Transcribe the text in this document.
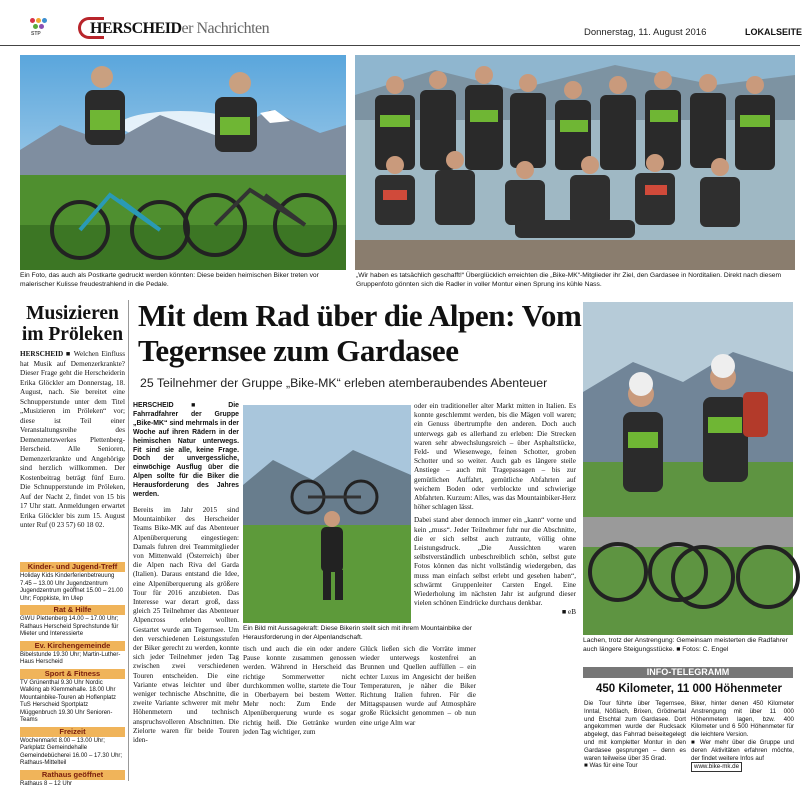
STP	HERSCHEIDer Nachrichten	Donnerstag, 11. August 2016	LOKALSEITE
Ein Foto, das auch als Postkarte gedruckt werden könnten: Diese beiden heimischen Biker treten vor malerischer Kulisse freudestrahlend in die Pedale.
„Wir haben es tatsächlich geschafft!“ Überglücklich erreichten die „Bike-MK“-Mitglieder ihr Ziel, den Gardasee in Norditalien. Direkt nach diesem Gruppenfoto gönnten sich die Radler in voller Montur einen Sprung ins kühle Nass.
Musizieren im Pröleken
HERSCHEID ■ Welchen Einfluss hat Musik auf Demenzerkrankte? Dieser Frage geht die Herscheiderin Erika Glöckler am Donnerstag, 18. August, nach. Sie bereitet eine Schnupperstunde unter dem Titel „Musizieren im Pröleken“ vor; diese ist Teil einer Veranstaltungsreihe des Demenznetzwerkes Plettenberg-Herscheid. Alle Senioren, Demenzerkrankte und Angehörige sind herzlich willkommen. Der Kostenbeitrag beträgt fünf Euro. Die Schnupperstunde im Pröleken, Auf der Nacht 2, findet von 15 bis 17 Uhr statt. Anmeldungen erwartet Erika Glöckler bis zum 15. August unter Ruf (0 23 57) 60 18 02.
Kinder- und Jugend-Treff
Holiday Kids Kinderferienbetreuung 7.45 – 13.00 Uhr Jugendzentrum
Jugendzentrum geöffnet 15.00 – 21.00 Uhr; Foppkiste, Im Ulep
Rat & Hilfe
GWU Plettenberg 14.00 – 17.00 Uhr; Rathaus Herscheid Sprechstunde für Mieter und Interessierte
Ev. Kirchengemeinde
Bibelstunde 19.30 Uhr; Martin-Luther-Haus Herscheid
Sport & Fitness
TV Grünenthal 9.30 Uhr Nordic Walking ab Klemmehalle. 18.00 Uhr Mountainbike-Touren ab Hoflenplatz
TuS Herscheid Sportplatz Müggenbruch 19.30 Uhr Senioren-Teams
Freizeit
Wochenmarkt 8.00 – 13.00 Uhr; Parkplatz Gemeindehalle
Gemeindebücherei 16.00 – 17.30 Uhr; Rathaus-Mittelteil
Rathaus geöffnet
Rathaus 8 – 12 Uhr
Mit dem Rad über die Alpen: Vom Tegernsee zum Gardasee
25 Teilnehmer der Gruppe „Bike-MK“ erleben atemberaubendes Abenteuer
HERSCHEID	■ Die Fahrradfahrer der Gruppe „Bike-MK“ sind mehrmals in der Woche auf ihren Rädern in der heimischen Natur unterwegs. Fit sind sie alle, keine Frage. Doch der unvergessliche, einwöchige Ausflug über die Alpen sollte für die Biker die Herausforderung des Jahres werden.
Bereits im Jahr 2015 sind Mountainbiker des Herscheider Teams Bike-MK auf das Abenteuer Alpenüberquerung eingestiegen: Damals fuhren drei Teammitglieder von Mittenwald (Österreich) über die Alpen nach Riva del Garda (Italien). Daraus entstand die Idee, eine Alpenüberquerung als größere Tour für 2016 anzubieten. Das Interesse war derart groß, dass gleich 25 Teilnehmer das Abenteuer Alpencross erleben wollten. Gestartet wurde am Tegernsee. Um den verschiedenen Leistungsstufen der Biker gerecht zu werden, konnte sich jeder Teilnehmer jeden Tag zwischen zwei verschiedenen Touren entscheiden. Die eine Variante etwas leichter und über weniger technische Abschnitte, die zweite Variante schwerer mit mehr Höhenmetern und technisch anspruchsvolleren Abschnitten. Die Zielorte waren für beide Touren iden-
Ein Bild mit Aussagekraft: Diese Bikerin stellt sich mit ihrem Mountainbike der Herausforderung in der Alpenlandschaft.
tisch und auch die ein oder andere Pause konnte zusammen genossen werden. Während in Herscheid das richtige Sommerwetter nicht durchkommen wollte, startete die Tour in Oberbayern bei bestem Wetter. Mehr noch: Zum Ende der Alpenüberquerung wurde es sogar richtig heiß. Die Getränke wurden jeden Tag wichtiger, zum
Glück ließen sich die Vorräte immer wieder unterwegs kostenfrei an Brunnen und Quellen auffüllen – ein echter Luxus im Angesicht der heißen Temperaturen, je näher die Biker Richtung Italien fuhren. Für die Mittagspausen wurde auf Atmosphäre große Rücksicht genommen – ob nun eine urige Alm war
oder ein traditioneller alter Markt mitten in Italien. Es konnte geschlemmt werden, bis die Mägen voll waren; ein Genuss übertrumpfte den anderen. Doch auch unterwegs gab es allerhand zu erleben: Die Strecken waren sehr abwechslungsreich – über Asphaltstücke, Feld- und Wiesenwege, feinen Schotter, groben Schotter und so weiter. Auch gab es längere steile Anstiege – auch mit Tragepassagen – bis zur gemütlichen Auffahrt, gemütliche Abfahrten auf weichem Boden oder verblockte und schwierige Abfahrten. Kurzum: Alles, was das Mountainbiker-Herz höher schlagen lässt.
Dabei stand aber dennoch immer ein „kann“ vorne und kein „muss“. Jeder Teilnehmer fuhr nur die Abschnitte, die er sich selbst auch zutraute, völlig ohne Leistungsdruck. „Die Aussichten waren selbstverständlich unbeschreiblich schön, selbst gute Fotos können das nicht vollständig wiedergeben, das muss man einfach selbst erlebt und gesehen haben“, schwärmt Gruppenleiter Carsten Engel. Eine Wiederholung im nächsten Jahr ist aufgrund dieser vielen schönen Eindrücke durchaus denkbar.
■ eB
Lachen, trotz der Anstrengung: Gemeinsam meisterten die Radfahrer auch längere Steigungsstücke. ■ Fotos: C. Engel
INFO-TELEGRAMM
450 Kilometer, 11 000 Höhenmeter
Die Tour führte über Tegernsee, Inntal, Nößlach, Brixen, Grödnertal und Etschtal zum Gardasee. Dort angekommen wurde der Rucksack abgelegt, das Fahrrad beiseitegelegt und mit kompletter Montur in den Gardasee gesprungen – denn es waren teilweise über 35 Grad.
■ Was für eine Tour
Biker, hinter denen 450 Kilometer Anstrengung mit über 11 000 Höhenmetern lagen, bzw. 400 Kilometer und 6 500 Höhenmeter für die leichtere Version.
■ Wer mehr über die Gruppe und deren Aktivitäten erfahren möchte, der findet weitere Infos auf
www.bike-mk.de
